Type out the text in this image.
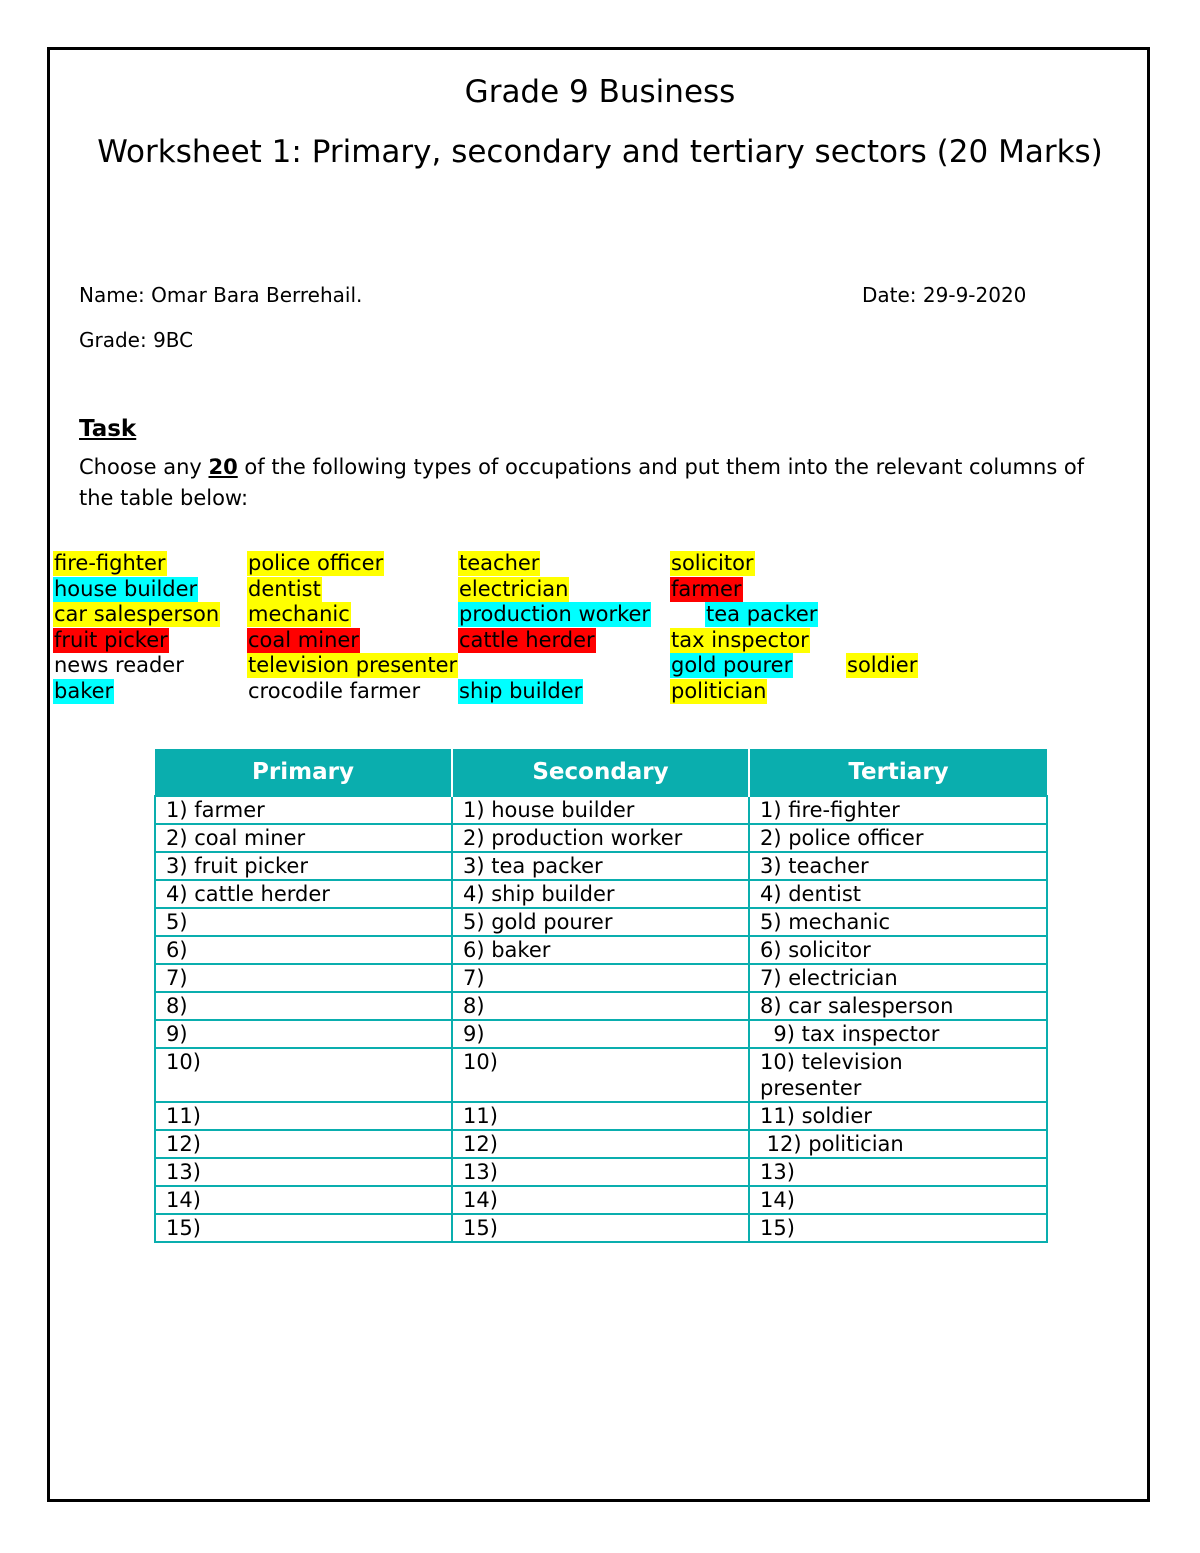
Grade 9 Business
Worksheet 1: Primary, secondary and tertiary sectors (20 Marks)
Name: Omar Bara Berrehail.	Date: 29-9-2020
Grade: 9BC
Task
Choose any 20 of the following types of occupations and put them into the relevant columns of the table below:
fire-fighter	police officer	teacher	solicitor
house builder dentist	electrician	farmer
car salesperson mechanic	production worker	tea packer
fruit picker	coal miner	cattle herder	tax inspector
news reader	television presenter	gold pourer	soldier
baker	crocodile farmer ship builder	politician
Primary	Secondary	Tertiary
1) farmer	1) house builder	1) fire-fighter
2) coal miner	2) production worker	2) police officer
3) fruit picker	3) tea packer	3) teacher
4) cattle herder	4) ship builder	4) dentist
5)	5) gold pourer	5) mechanic
6)	6) baker	6) solicitor
7)	7)	7) electrician
8)	8)	8) car salesperson
9)	9)	9) tax inspector
10)	10)	10) television presenter
11)	11)	11) soldier
12)	12)	12) politician
13)	13)	13)
14)	14)	14)
15)	15)	15)
